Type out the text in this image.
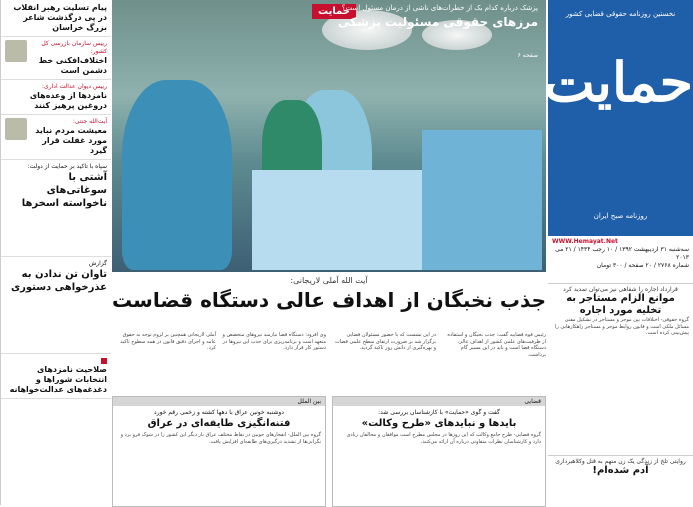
پیام تسلیت رهبر انقلاب در پی درگذشت شاعر بزرگ خراسان
رییس سازمان بازرسی کل کشور:
اختلاف‌افکنی خط دشمن است
رییس دیوان عدالت اداری:
نامزدها از وعده‌های دروغین پرهیز کنند
آیت‌الله جنتی:
معیشت مردم نباید مورد غفلت قرار گیرد
سپاه با تاکید بر حمایت از دولت:
آشتی با سوغاتی‌های ناخواسته‌ اسخرها
گزارش
تاوان تن ندادن به عذرخواهی دستوری
صلاحیت نامزدهای انتخابات شوراها و دغدغه‌های عدالت‌خواهانه
حمایت
پزشک درباره کدام بک از خطرات‌های ناشی از درمان مسئول است؟
مرزهای حقوقی مسئولیت پزشکی
صفحه ۶
آیت الله آملی لاریجانی:
جذب نخبگان از اهداف عالی دستگاه قضاست
رئیس قوه قضاییه گفت: جذب نخبگان و استفاده از ظرفیت‌های علمی کشور از اهداف عالی دستگاه قضا است و باید در این مسیر گام برداشت.
در این نشست که با حضور مسئولان قضایی برگزار شد بر ضرورت ارتقای سطح علمی قضات و بهره‌گیری از دانش روز تاکید گردید.
وی افزود: دستگاه قضا نیازمند نیروهای متخصص و متعهد است و برنامه‌ریزی برای جذب این نیروها در دستور کار قرار دارد.
آملی لاریجانی همچنین بر لزوم توجه به حقوق عامه و اجرای دقیق قانون در همه سطوح تاکید کرد.
قضایی
گفت و گوی «حمایت» با کارشناسان بررسی شد:
بایدها و نبایدهای «طرح وکالت»
گروه قضایی- طرح جامع وکالت که این روزها در مجلس مطرح است موافقان و مخالفان زیادی دارد و کارشناسان نظرات متفاوتی درباره آن ارائه می‌کنند.
بین الملل
دوشنبه خونین عراق با دهها کشته و زخمی رقم خورد
فتنه‌انگیزی طایفه‌ای در عراق
گروه بین الملل- انفجارهای خونین در نقاط مختلف عراق بار دیگر این کشور را در شوک فرو برد و نگرانی‌ها از تشدید درگیری‌های طایفه‌ای افزایش یافت.
نخستین روزنامه حقوقی قضایی کشور
حمایت
روزنامه صبح ایران
WWW.Hemayat.Net
سه‌شنبه ۳۱ اردیبهشت ۱۳۹۲ / ۱۰ رجب ۱۴۳۴ / ۲۱ می ۲۰۱۳
شماره ۲۷۶۸ / ۲۰ صفحه / ۳۰۰ تومان
قرارداد اجاره را شفاهی نیز می‌توان تمدید کرد
موانع الزام مستاجر به تخلیه مورد اجاره
گروه حقوقی- اختلافات بین موجر و مستاجر در تشکیل مفتی مسائل ملکی است و قانون روابط موجر و مستاجر راهکارهایی را پیش‌بینی کرده است.
روایتی تلخ از زندگی یک زن متهم به قتل وکلاهبرداری
آدم شده‌ام!
